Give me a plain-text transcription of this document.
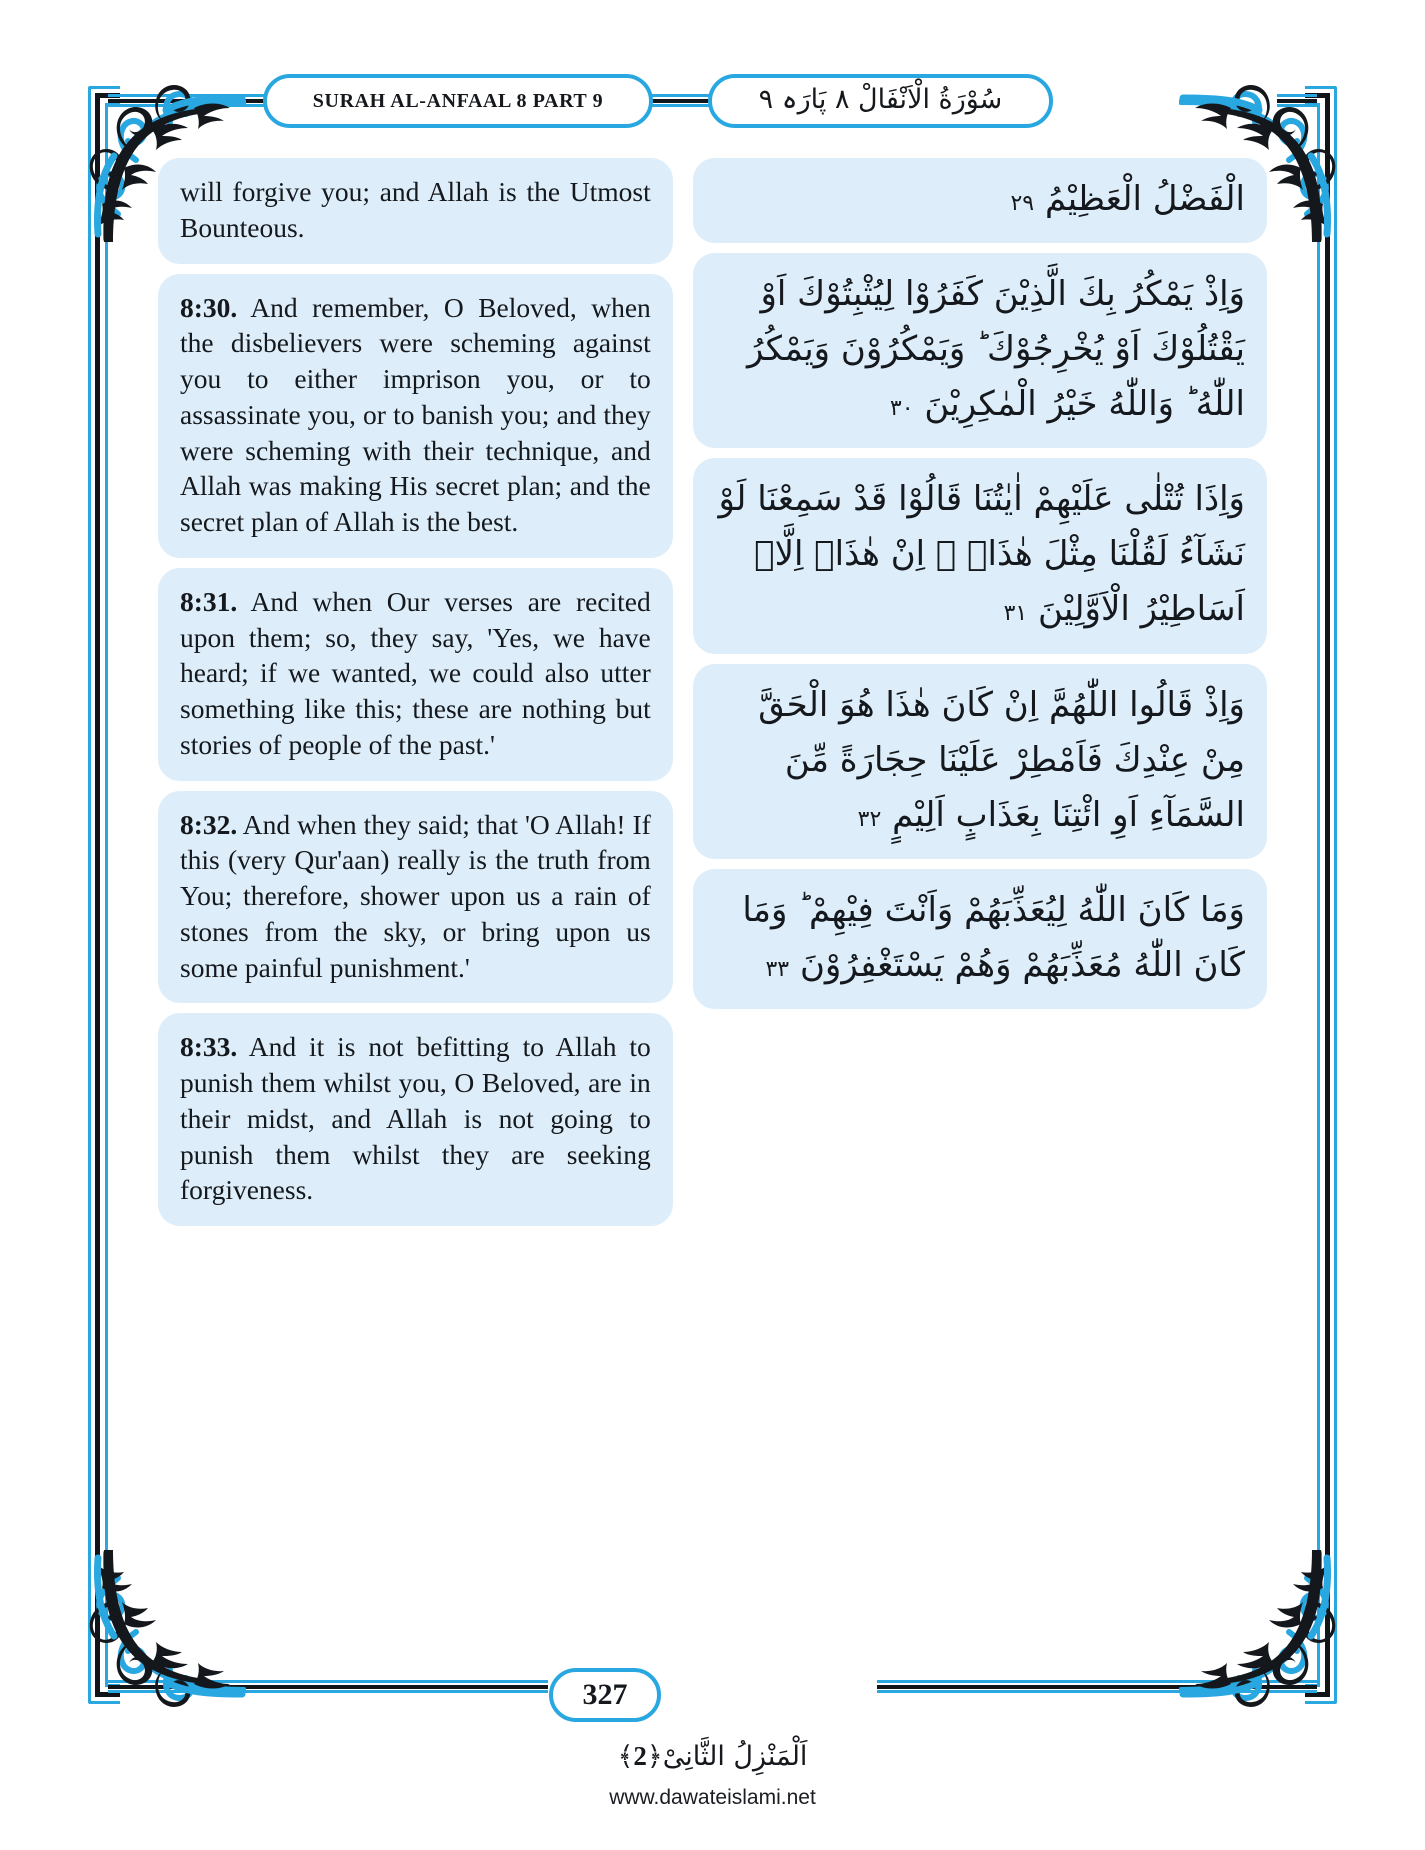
SURAH AL-ANFAAL 8 PART 9	سُوْرَةُ الْاَنْفَالْ ٨ پَارَہ ٩
will forgive you; and Allah is the Utmost Bounteous.
8:30. And remember, O Beloved, when the disbelievers were scheming against you to either imprison you, or to assassinate you, or to banish you; and they were scheming with their technique, and Allah was making His secret plan; and the secret plan of Allah is the best.
8:31. And when Our verses are recited upon them; so, they say, 'Yes, we have heard; if we wanted, we could also utter something like this; these are nothing but stories of people of the past.'
8:32. And when they said; that 'O Allah! If this (very Qur'aan) really is the truth from You; therefore, shower upon us a rain of stones from the sky, or bring upon us some painful punishment.'
8:33. And it is not befitting to Allah to punish them whilst you, O Beloved, are in their midst, and Allah is not going to punish them whilst they are seeking forgiveness.
الْفَضْلُ الْعَظِيْمُ ۲۹
وَاِذْ يَمْكُرُ بِكَ الَّذِيْنَ كَفَرُوْا لِيُثْبِتُوْكَ اَوْ يَقْتُلُوْكَ اَوْ يُخْرِجُوْكَ ؕ وَيَمْكُرُوْنَ وَيَمْكُرُ اللّٰهُ ؕ وَاللّٰهُ خَيْرُ الْمٰكِرِيْنَ ۳۰
وَاِذَا تُتْلٰى عَلَيْهِمْ اٰيٰتُنَا قَالُوْا قَدْ سَمِعْنَا لَوْ نَشَآءُ لَقُلْنَا مِثْلَ هٰذَاۤ ۙ اِنْ هٰذَاۤ اِلَّاۤ اَسَاطِيْرُ الْاَوَّلِيْنَ ۳۱
وَاِذْ قَالُوا اللّٰهُمَّ اِنْ كَانَ هٰذَا هُوَ الْحَقَّ مِنْ عِنْدِكَ فَاَمْطِرْ عَلَيْنَا حِجَارَةً مِّنَ السَّمَآءِ اَوِ ائْتِنَا بِعَذَابٍ اَلِيْمٍ ۳۲
وَمَا كَانَ اللّٰهُ لِيُعَذِّبَهُمْ وَاَنْتَ فِيْهِمْ ؕ وَمَا كَانَ اللّٰهُ مُعَذِّبَهُمْ وَهُمْ يَسْتَغْفِرُوْنَ ۳۳
327
اَلْمَنْزِلُ الثَّانِیْ﴿2﴾
www.dawateislami.net
